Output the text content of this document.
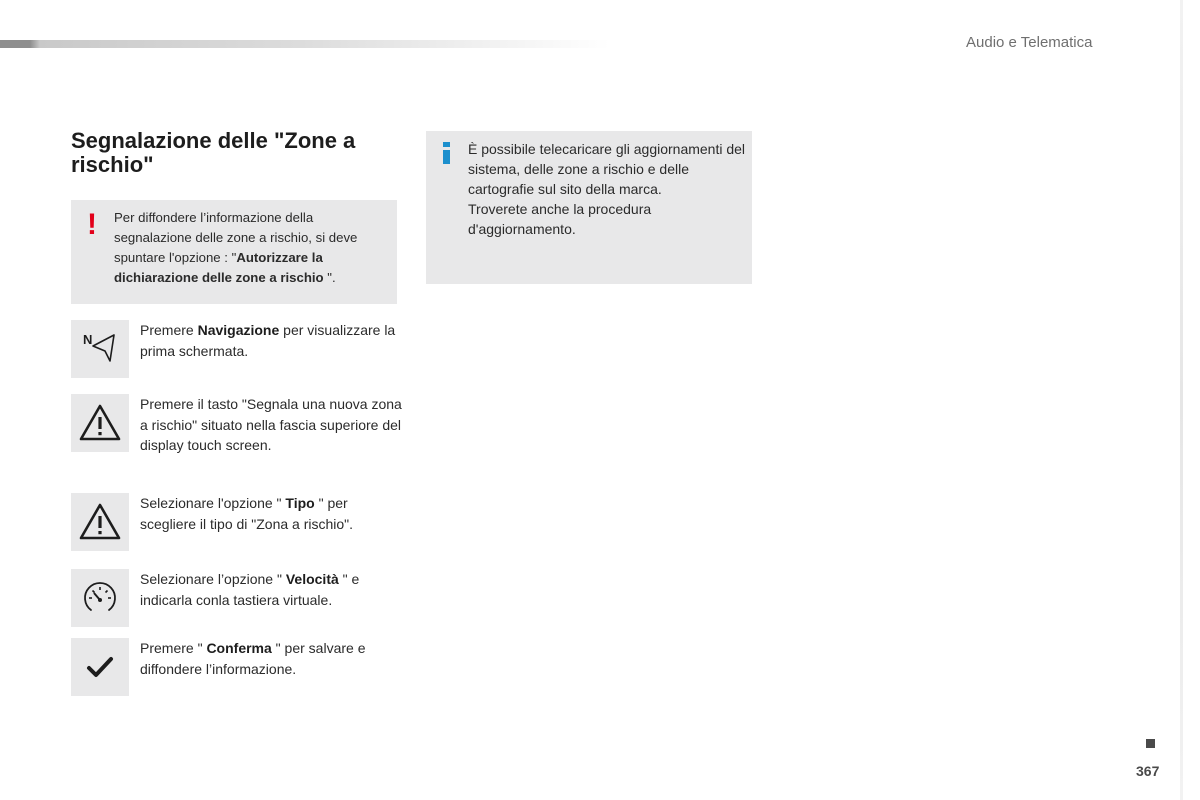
Audio e Telematica
Segnalazione delle "Zone a rischio"
! Per diffondere l’informazione della segnalazione delle zone a rischio, si deve spuntare l'opzione : "Autorizzare la dichiarazione delle zone a rischio ".

È possibile telecaricare gli aggiornamenti del sistema, delle zone a rischio e delle cartografie sul sito della marca.

Troverete anche la procedura d'aggiornamento.

N

Premere Navigazione per visualizzare la prima schermata.

Premere il tasto "Segnala una nuova zona a rischio" situato nella fascia superiore del display touch screen.

Selezionare l'opzione " Tipo " per scegliere il tipo di "Zona a rischio".

Selezionare l’opzione " Velocità " e indicarla conla tastiera virtuale.

Premere " Conferma " per salvare e diffondere l’informazione.

367
